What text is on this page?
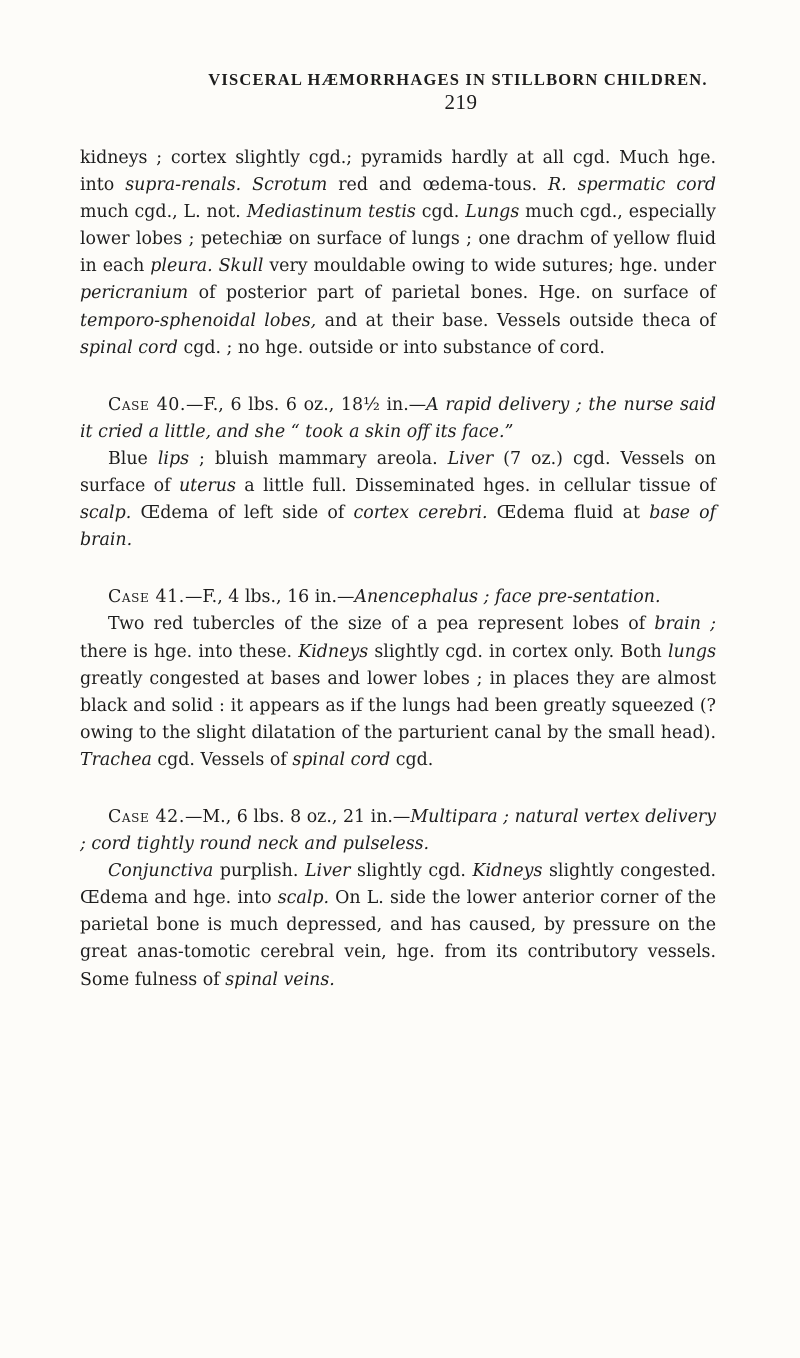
VISCERAL HÆMORRHAGES IN STILLBORN CHILDREN. 219

kidneys ; cortex slightly cgd.; pyramids hardly at all cgd. Much hge. into supra-renals. Scrotum red and œdema-tous. R. spermatic cord much cgd., L. not. Mediastinum testis cgd. Lungs much cgd., especially lower lobes ; petechiæ on surface of lungs ; one drachm of yellow fluid in each pleura. Skull very mouldable owing to wide sutures; hge. under pericranium of posterior part of parietal bones. Hge. on surface of temporo-sphenoidal lobes, and at their base. Vessels outside theca of spinal cord cgd. ; no hge. outside or into substance of cord.

Case 40.—F., 6 lbs. 6 oz., 18½ in.—A rapid delivery ; the nurse said it cried a little, and she “ took a skin off its face.”

Blue lips ; bluish mammary areola. Liver (7 oz.) cgd. Vessels on surface of uterus a little full. Disseminated hges. in cellular tissue of scalp. Œdema of left side of cortex cerebri. Œdema fluid at base of brain.

Case 41.—F., 4 lbs., 16 in.—Anencephalus ; face pre-sentation.

Two red tubercles of the size of a pea represent lobes of brain ; there is hge. into these. Kidneys slightly cgd. in cortex only. Both lungs greatly congested at bases and lower lobes ; in places they are almost black and solid : it appears as if the lungs had been greatly squeezed (? owing to the slight dilatation of the parturient canal by the small head). Trachea cgd. Vessels of spinal cord cgd.

Case 42.—M., 6 lbs. 8 oz., 21 in.—Multipara ; natural vertex delivery ; cord tightly round neck and pulseless.

Conjunctiva purplish. Liver slightly cgd. Kidneys slightly congested. Œdema and hge. into scalp. On L. side the lower anterior corner of the parietal bone is much depressed, and has caused, by pressure on the great anas-tomotic cerebral vein, hge. from its contributory vessels. Some fulness of spinal veins.
